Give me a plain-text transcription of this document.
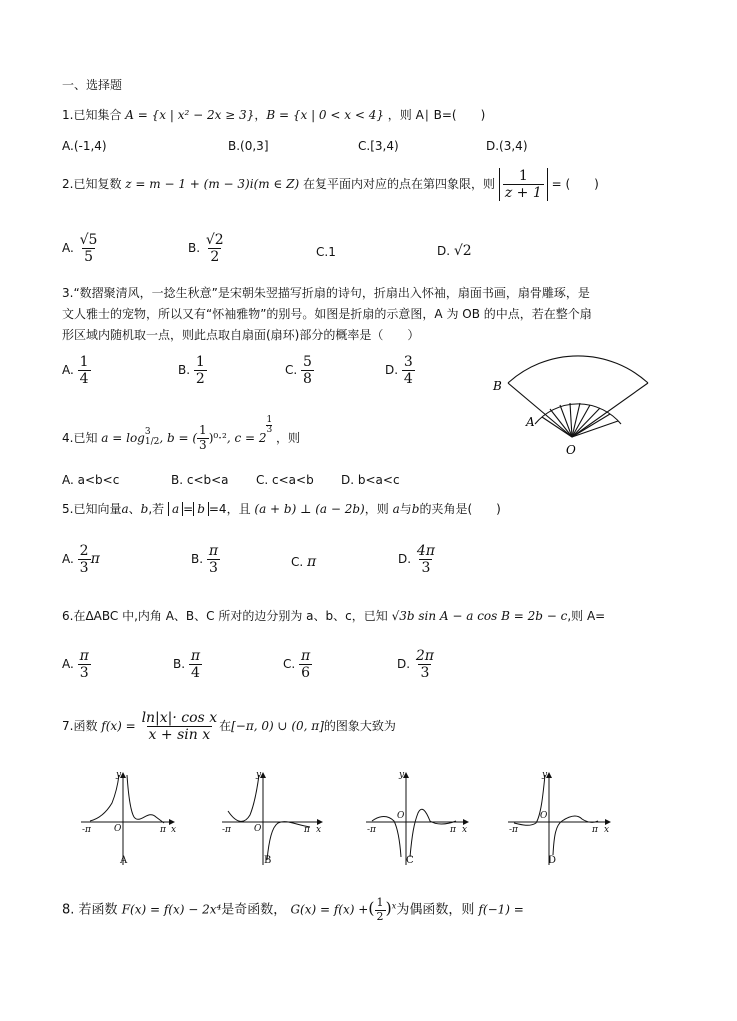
一、选择题
1.已知集合 A = {x | x² − 2x ≥ 3}，B = {x | 0 < x < 4} ，则 A∣ B=(　　)
A.(-1,4)	B.(0,3]	C.[3,4)	D.(3,4)
2.已知复数 z = m − 1 + (m − 3)i(m ∈ Z) 在复平面内对应的点在第四象限，则 $\frac{1}{z + 1}$ = (　　)
A. $\frac{√5}{5}$	B. $\frac{√2}{2}$	C.1	D. √2
3.“数摺聚清风，一捻生秋意”是宋朝朱翌描写折扇的诗句，折扇出入怀袖，扇面书画，扇骨雕琢，是
文人雅士的宠物，所以又有“怀袖雅物”的别号。如图是折扇的示意图，A 为 OB 的中点，若在整个扇
形区域内随机取一点，则此点取自扇面(扇环)部分的概率是（　　）
A. $\frac{1}{4}$	B. $\frac{1}{2}$	C. $\frac{5}{8}$	D. $\frac{3}{4}$	B
A
O
4.已知 a = log 3
1/2 , b = ( $\frac{1}{3} )^0\cdot^2$, c = 2
$\frac{1}{3}$
，则
A. a<b<c	B. c<b<a C. c<a<b D. b<a<c
5.已知向量a、b,若 a = b =4，且 (a + b) ⊥ (a − 2b)，则 a与b的夹角是(　　)
A. $\frac{2}{3}$ π	B. $\frac{\pi}{3}$	C. π	D. $\frac{4\pi}{3}$
6.在ΔABC 中,内角 A、B、C 所对的边分别为 a、b、c，已知 √3b sin A − a cos B = 2b − c,则 A=
A. $\frac{\pi}{3}$	B. $\frac{\pi}{4}$	C. $\frac{\pi}{6}$	D. $\frac{2\pi}{3}$
7.函数 $f(x) = \frac{\text{ln|x|· cos x}}{\text{x + sin x}}$ 在[−π, 0) ∪ (0, π]的图象大致为
y
x
O
-π	π
y
x
O
-π	π
y
x
O
-π	π
y
x
O
-π	π
A	B	C	D
8. 若函数 F(x) = f(x) − 2x⁴是奇函数， G(x) = f(x) +( $\frac{1}{2} )^x$为偶函数，则 f(−1) =
